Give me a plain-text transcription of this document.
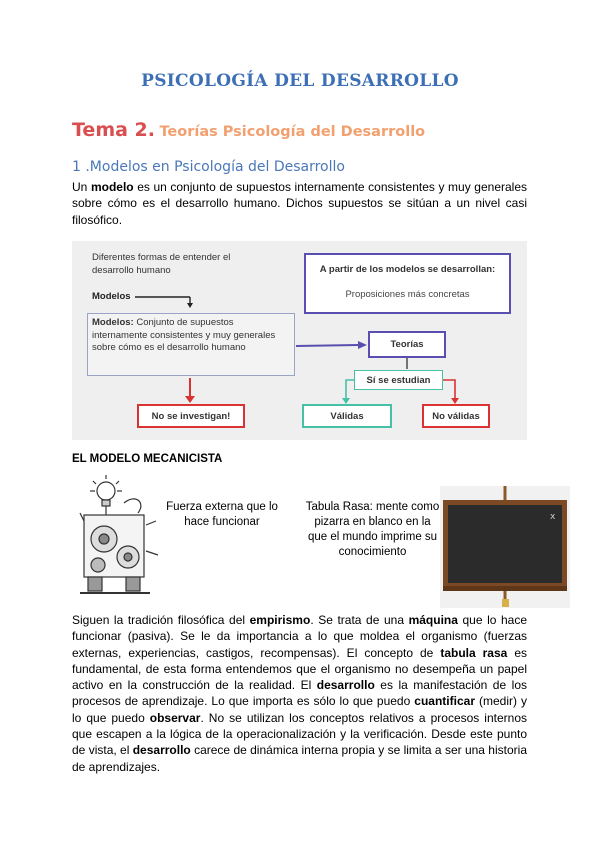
PSICOLOGÍA DEL DESARROLLO
Tema 2. Teorías Psicología del Desarrollo
1 .Modelos en Psicología del Desarrollo
Un modelo es un conjunto de supuestos internamente consistentes y muy generales sobre cómo es el desarrollo humano. Dichos supuestos se sitúan a un nivel casi filosófico.
Diferentes formas de entender el desarrollo humano
Modelos
Modelos: Conjunto de supuestos internamente consistentes y muy generales sobre cómo es el desarrollo humano
A partir de los modelos se desarrollan:
Proposiciones más concretas
Teorías
Sí se estudian
No se investigan!	Válidas	No válidas
EL MODELO MECANICISTA
Fuerza externa que lo hace funcionar
Tabula Rasa: mente como pizarra en blanco en la que el mundo imprime su conocimiento
x
Siguen la tradición filosófica del empirismo. Se trata de una máquina que lo hace funcionar (pasiva). Se le da importancia a lo que moldea el organismo (fuerzas externas, experiencias, castigos, recompensas). El concepto de tabula rasa es fundamental, de esta forma entendemos que el organismo no desempeña un papel activo en la construcción de la realidad. El desarrollo es la manifestación de los procesos de aprendizaje. Lo que importa es sólo lo que puedo cuantificar (medir) y lo que puedo observar. No se utilizan los conceptos relativos a procesos internos que escapen a la lógica de la operacionalización y la verificación. Desde este punto de vista, el desarrollo carece de dinámica interna propia y se limita a ser una historia de aprendizajes.
